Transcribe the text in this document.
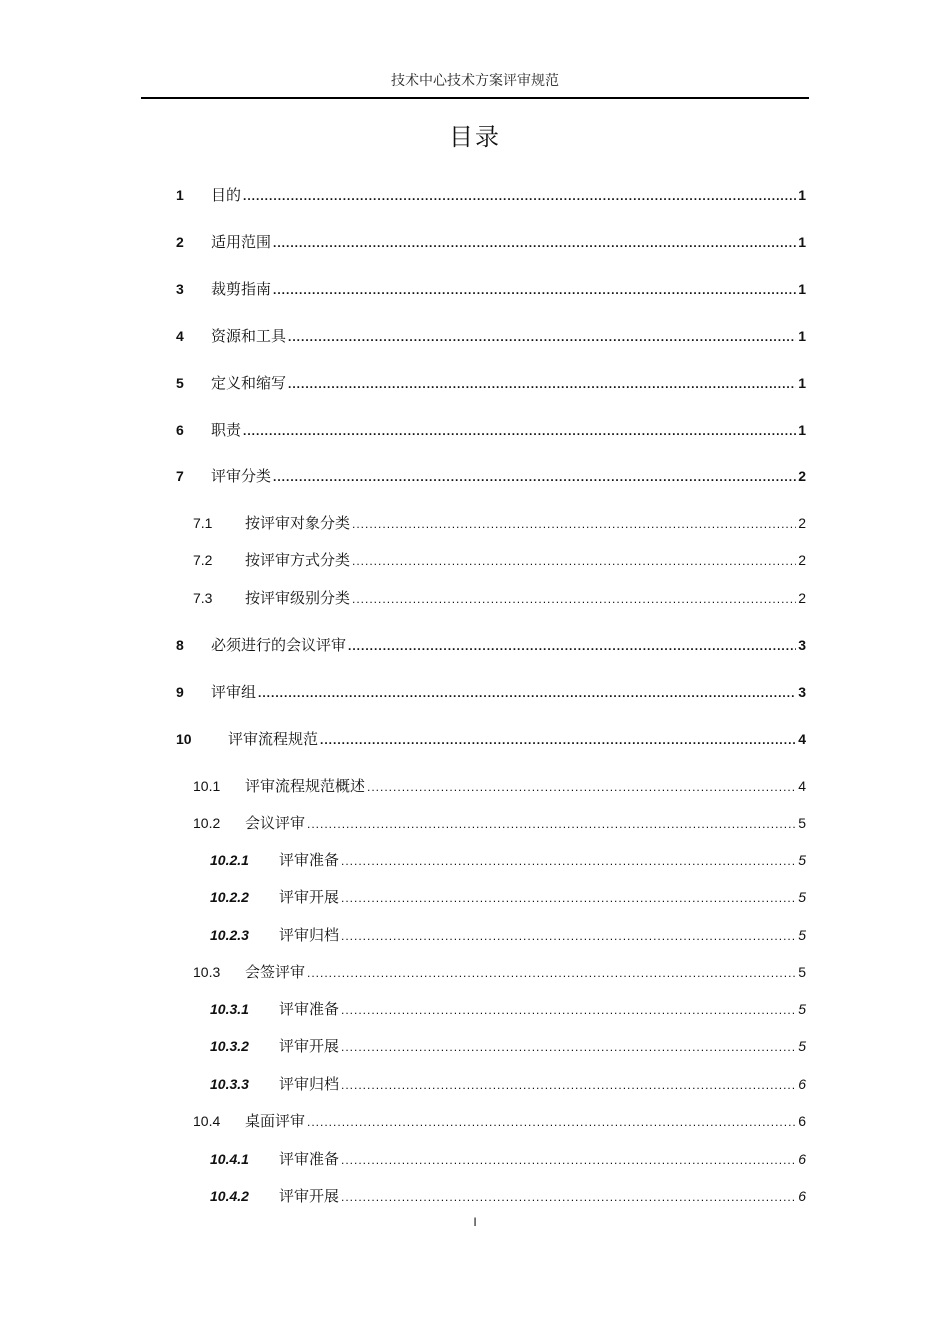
技术中心技术方案评审规范
目录
1	目的 .....	1
2	适用范围 .....	1
3	裁剪指南 .....	1
4	资源和工具 .....	1
5	定义和缩写 .....	1
6	职责 .....	1
7	评审分类 .....	2
7.1	按评审对象分类 .....	2
7.2	按评审方式分类 .....	2
7.3	按评审级别分类 .....	2
8	必须进行的会议评审 .....	3
9	评审组 .....	3
10	评审流程规范 .....	4
10.1	评审流程规范概述 .....	4
10.2	会议评审 .....	5
10.2.1	评审准备 .....	5
10.2.2	评审开展 .....	5
10.2.3	评审归档 .....	5
10.3	会签评审 .....	5
10.3.1	评审准备 .....	5
10.3.2	评审开展 .....	5
10.3.3	评审归档 .....	6
10.4	桌面评审 .....	6
10.4.1	评审准备 .....	6
10.4.2	评审开展 .....	6
I
